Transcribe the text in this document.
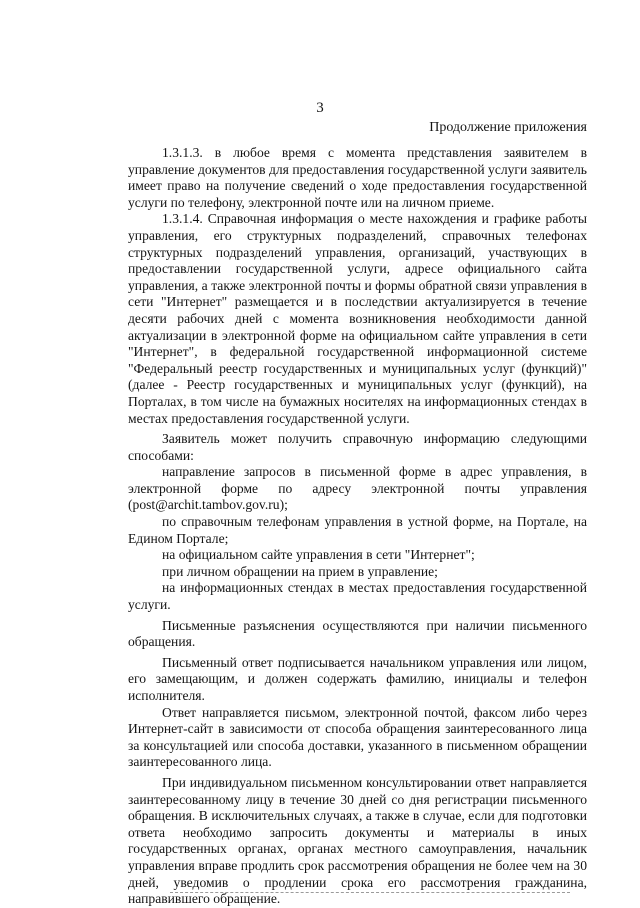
3
Продолжение приложения

1.3.1.3. в любое время с момента представления заявителем в управление документов для предоставления государственной услуги заявитель имеет право на получение сведений о ходе предоставления государственной услуги по телефону, электронной почте или на личном приеме.

1.3.1.4. Справочная информация о месте нахождения и графике работы управления, его структурных подразделений, справочных телефонах структурных подразделений управления, организаций, участвующих в предоставлении государственной услуги, адресе официального сайта управления, а также электронной почты и формы обратной связи управления в сети "Интернет" размещается и в последствии актуализируется в течение десяти рабочих дней с момента возникновения необходимости данной актуализации в электронной форме на официальном сайте управления в сети "Интернет", в федеральной государственной информационной системе "Федеральный реестр государственных и муниципальных услуг (функций)" (далее - Реестр государственных и муниципальных услуг (функций), на Порталах, в том числе на бумажных носителях на информационных стендах в местах предоставления государственной услуги.

Заявитель может получить справочную информацию следующими способами:

направление запросов в письменной форме в адрес управления, в электронной форме по адресу электронной почты управления (post@archit.tambov.gov.ru);

по справочным телефонам управления в устной форме, на Портале, на Едином Портале;

на официальном сайте управления в сети "Интернет";

при личном обращении на прием в управление;

на информационных стендах в местах предоставления государственной услуги.

Письменные разъяснения осуществляются при наличии письменного обращения.

Письменный ответ подписывается начальником управления или лицом, его замещающим, и должен содержать фамилию, инициалы и телефон исполнителя.

Ответ направляется письмом, электронной почтой, факсом либо через Интернет-сайт в зависимости от способа обращения заинтересованного лица за консультацией или способа доставки, указанного в письменном обращении заинтересованного лица.

При индивидуальном письменном консультировании ответ направляется заинтересованному лицу в течение 30 дней со дня регистрации письменного обращения. В исключительных случаях, а также в случае, если для подготовки ответа необходимо запросить документы и материалы в иных государственных органах, органах местного самоуправления, начальник управления вправе продлить срок рассмотрения обращения не более чем на 30 дней, уведомив о продлении срока его рассмотрения гражданина, направившего обращение.
